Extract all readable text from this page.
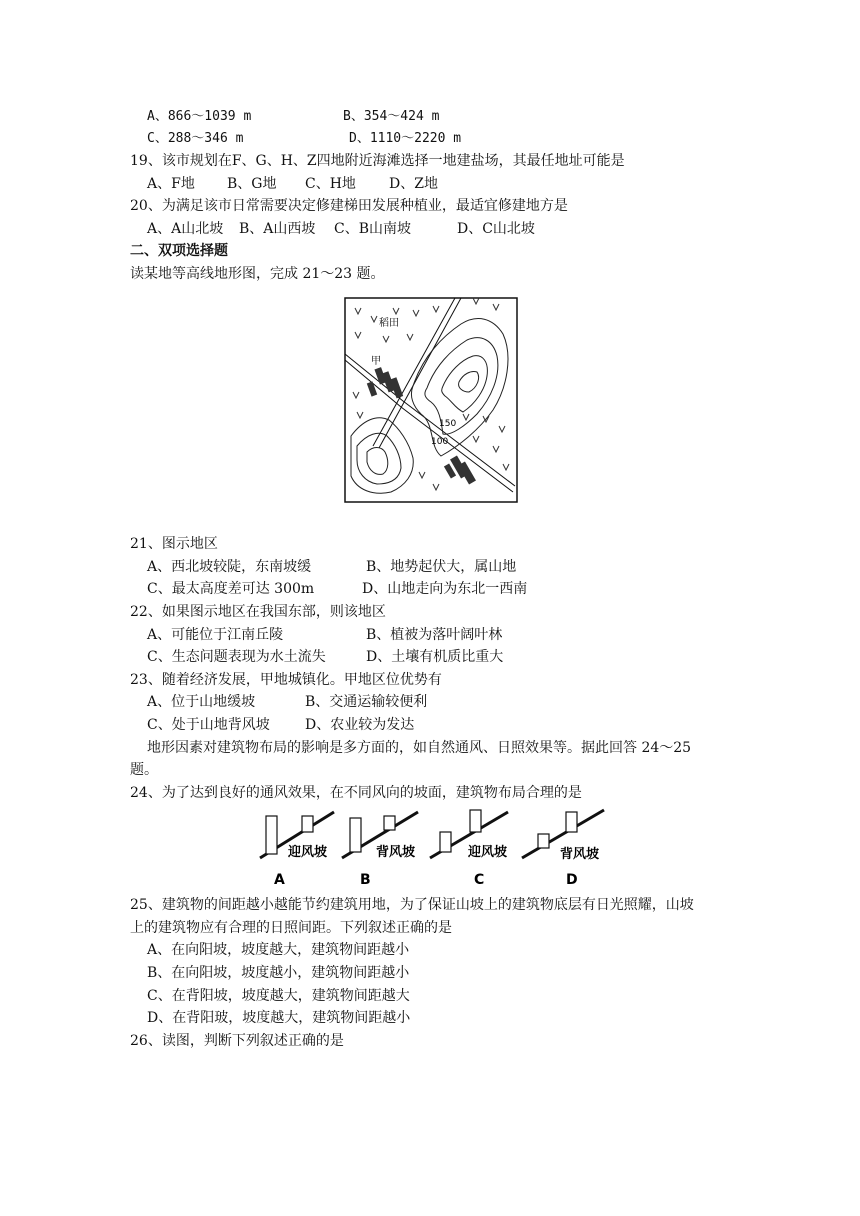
A、866～1039 m	B、354～424 m
C、288～346 m	D、1110～2220 m
19、该市规划在F、G、H、Z四地附近海滩选择一地建盐场，其最任地址可能是
A、F地 B、G地 C、H地 D、Z地
20、为满足该市日常需要决定修建梯田发展种植业，最适宜修建地方是
A、A山北坡 B、A山西坡 C、B山南坡	D、C山北坡
二、双项选择题
读某地等高线地形图，完成 21～23 题。
稻田
甲
150
100
21、图示地区
A、西北坡较陡，东南坡缓	B、地势起伏大，属山地
C、最太高度差可达 300m	D、山地走向为东北一西南
22、如果图示地区在我国东部，则该地区
A、可能位于江南丘陵	B、植被为落叶阔叶林
C、生态问题表现为水土流失	D、土壤有机质比重大
23、随着经济发展，甲地城镇化。甲地区位优势有
A、位于山地缓坡	B、交通运输较便利
C、处于山地背风坡	D、农业较为发达
地形因素对建筑物布局的影响是多方面的，如自然通风、日照效果等。据此回答 24～25
题。
24、为了达到良好的通风效果，在不同风向的坡面，建筑物布局合理的是
迎风坡
A
背风坡
B
迎风坡
C
背风坡
D
25、建筑物的间距越小越能节约建筑用地，为了保证山坡上的建筑物底层有日光照耀，山坡
上的建筑物应有合理的日照间距。下列叙述正确的是
A、在向阳坡，坡度越大，建筑物间距越小
B、在向阳坡，坡度越小，建筑物间距越小
C、在背阳坡，坡度越大，建筑物间距越大
D、在背阳玻，坡度越大，建筑物间距越小
26、读图，判断下列叙述正确的是
